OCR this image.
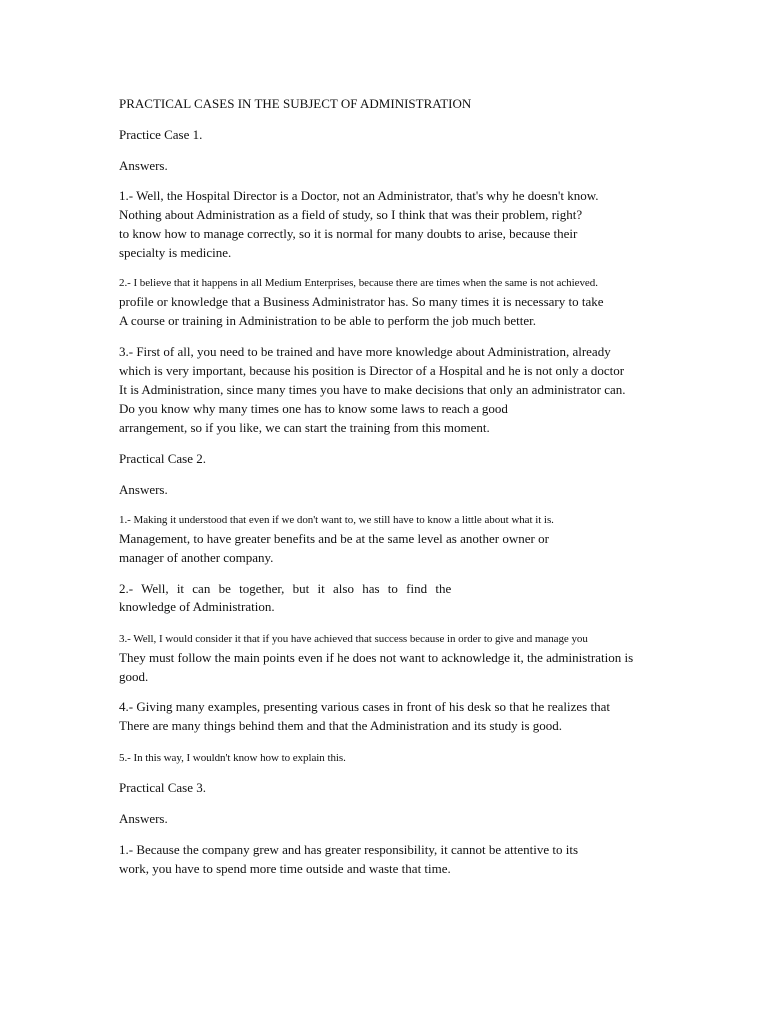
PRACTICAL CASES IN THE SUBJECT OF ADMINISTRATION
Practice Case 1.
Answers.
1.- Well, the Hospital Director is a Doctor, not an Administrator, that's why he doesn't know.
Nothing about Administration as a field of study, so I think that was their problem, right?
to know how to manage correctly, so it is normal for many doubts to arise, because their
specialty is medicine.
2.- I believe that it happens in all Medium Enterprises, because there are times when the same is not achieved.
profile or knowledge that a Business Administrator has. So many times it is necessary to take
A course or training in Administration to be able to perform the job much better.
3.- First of all, you need to be trained and have more knowledge about Administration, already
which is very important, because his position is Director of a Hospital and he is not only a doctor
It is Administration, since many times you have to make decisions that only an administrator can.
Do you know why many times one has to know some laws to reach a good
arrangement, so if you like, we can start the training from this moment.
Practical Case 2.
Answers.
1.- Making it understood that even if we don't want to, we still have to know a little about what it is.
Management, to have greater benefits and be at the same level as another owner or
manager of another company.
2.- Well, it can be together, but it also has to find the
knowledge of Administration.
3.- Well, I would consider it that if you have achieved that success because in order to give and manage you
They must follow the main points even if he does not want to acknowledge it, the administration is
good.
4.- Giving many examples, presenting various cases in front of his desk so that he realizes that
There are many things behind them and that the Administration and its study is good.
5.- In this way, I wouldn't know how to explain this.
Practical Case 3.
Answers.
1.- Because the company grew and has greater responsibility, it cannot be attentive to its
work, you have to spend more time outside and waste that time.
